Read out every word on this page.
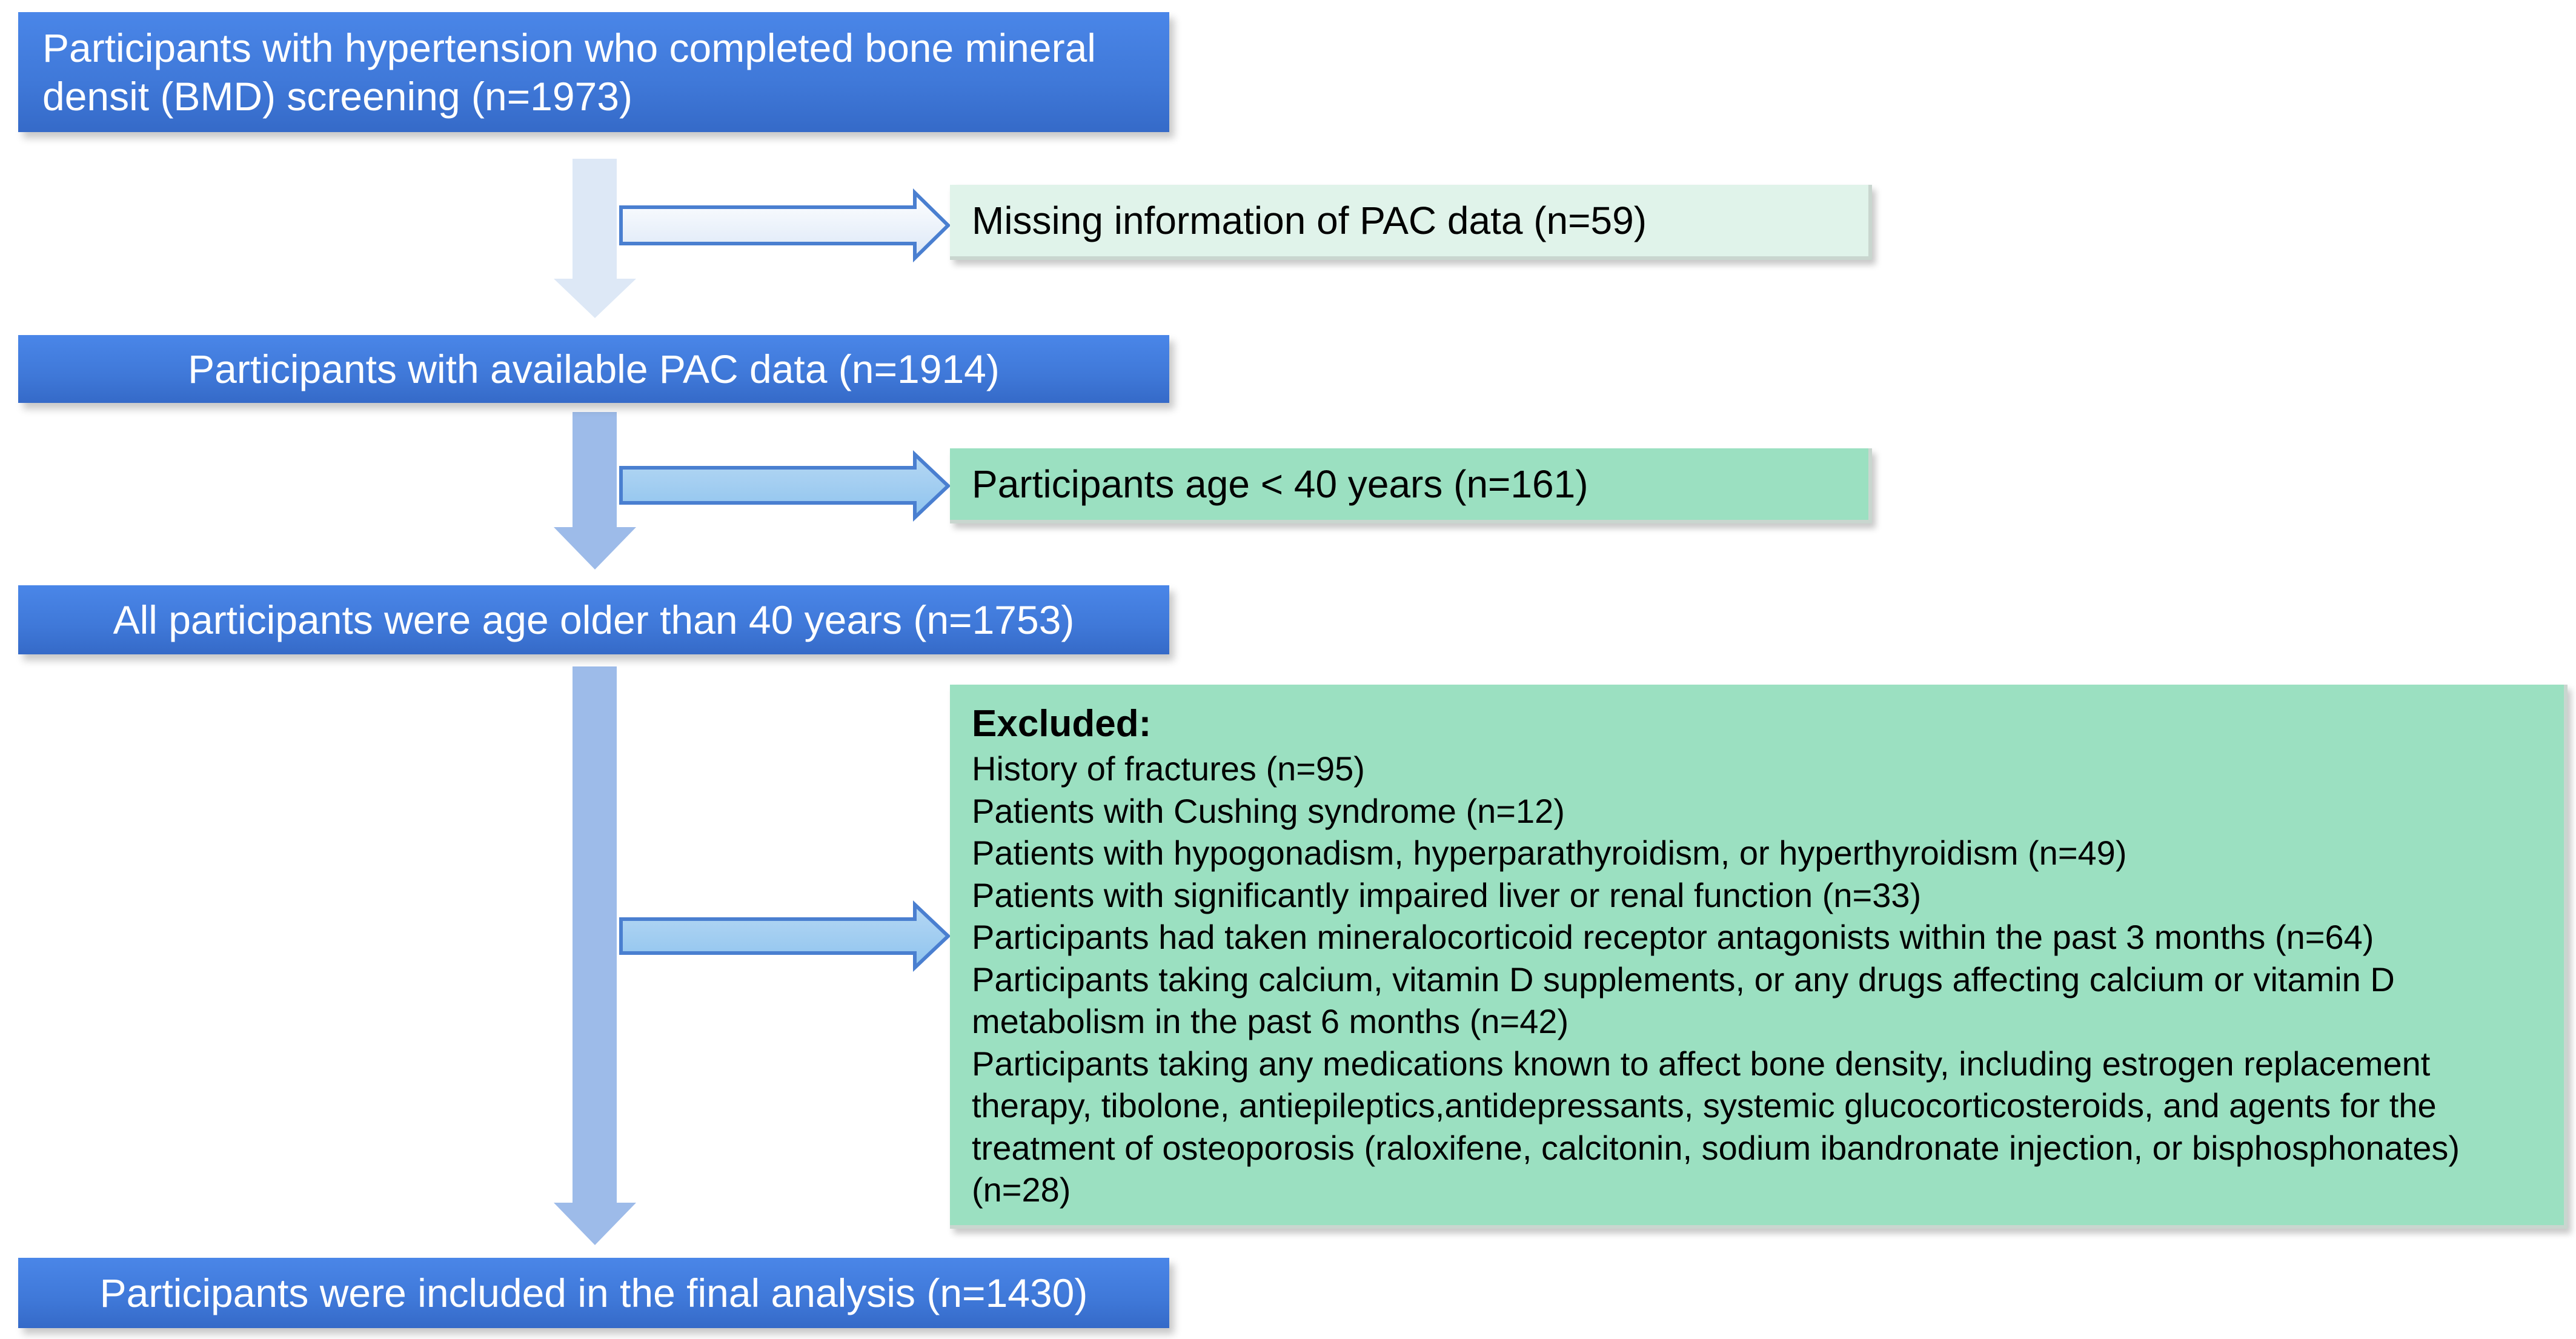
Participants with hypertension who completed bone mineral densit (BMD) screening (n=1973)
Participants with available PAC data (n=1914)
All participants were age older than 40 years (n=1753)
Participants were included in the final analysis (n=1430)
Missing information of PAC data (n=59)
Participants age < 40 years (n=161)
Excluded:
History of fractures (n=95)
Patients with Cushing syndrome (n=12)
Patients with hypogonadism, hyperparathyroidism, or hyperthyroidism (n=49)
Patients with significantly impaired liver or renal function (n=33)
Participants had taken mineralocorticoid receptor antagonists within the past 3 months (n=64)
Participants taking calcium, vitamin D supplements, or any drugs affecting calcium or vitamin D metabolism in the past 6 months (n=42)
Participants taking any medications known to affect bone density, including estrogen replacement therapy, tibolone, antiepileptics,antidepressants, systemic glucocorticosteroids, and agents for the treatment of osteoporosis (raloxifene, calcitonin, sodium ibandronate injection, or bisphosphonates) (n=28)
